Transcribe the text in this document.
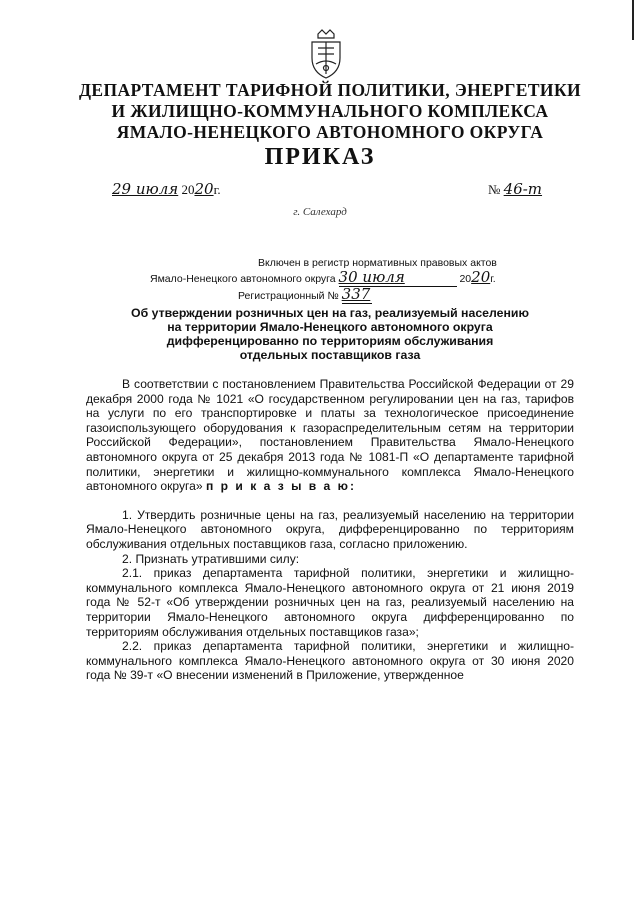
ДЕПАРТАМЕНТ ТАРИФНОЙ ПОЛИТИКИ, ЭНЕРГЕТИКИ
И ЖИЛИЩНО-КОММУНАЛЬНОГО КОМПЛЕКСА
ЯМАЛО-НЕНЕЦКОГО АВТОНОМНОГО ОКРУГА
ПРИКАЗ
29 июля 2020г.	№ 46-т
г. Салехард
Включен в регистр нормативных правовых актов
Ямало-Ненецкого автономного округа 30 июля	2020г.
Регистрационный № 337
Об утверждении розничных цен на газ, реализуемый населению
на территории Ямало-Ненецкого автономного округа
дифференцированно по территориям обслуживания
отдельных поставщиков газа

В соответствии с постановлением Правительства Российской Федерации от 29 декабря 2000 года № 1021 «О государственном регулировании цен на газ, тарифов на услуги по его транспортировке и платы за технологическое присоединение газоиспользующего оборудования к газораспределительным сетям на территории Российской Федерации», постановлением Правительства Ямало-Ненецкого автономного округа от 25 декабря 2013 года № 1081-П «О департаменте тарифной политики, энергетики и жилищно-коммунального комплекса Ямало-Ненецкого автономного округа» п р и к а з ы в а ю:

1. Утвердить розничные цены на газ, реализуемый населению на территории Ямало-Ненецкого автономного округа, дифференцированно по территориям обслуживания отдельных поставщиков газа, согласно приложению.

2. Признать утратившими силу:

2.1. приказ департамента тарифной политики, энергетики и жилищно-коммунального комплекса Ямало-Ненецкого автономного округа от 21 июня 2019 года № 52-т «Об утверждении розничных цен на газ, реализуемый населению на территории Ямало-Ненецкого автономного округа дифференцированно по территориям обслуживания отдельных поставщиков газа»;

2.2. приказ департамента тарифной политики, энергетики и жилищно-коммунального комплекса Ямало-Ненецкого автономного округа от 30 июня 2020 года № 39-т «О внесении изменений в Приложение, утвержденное
